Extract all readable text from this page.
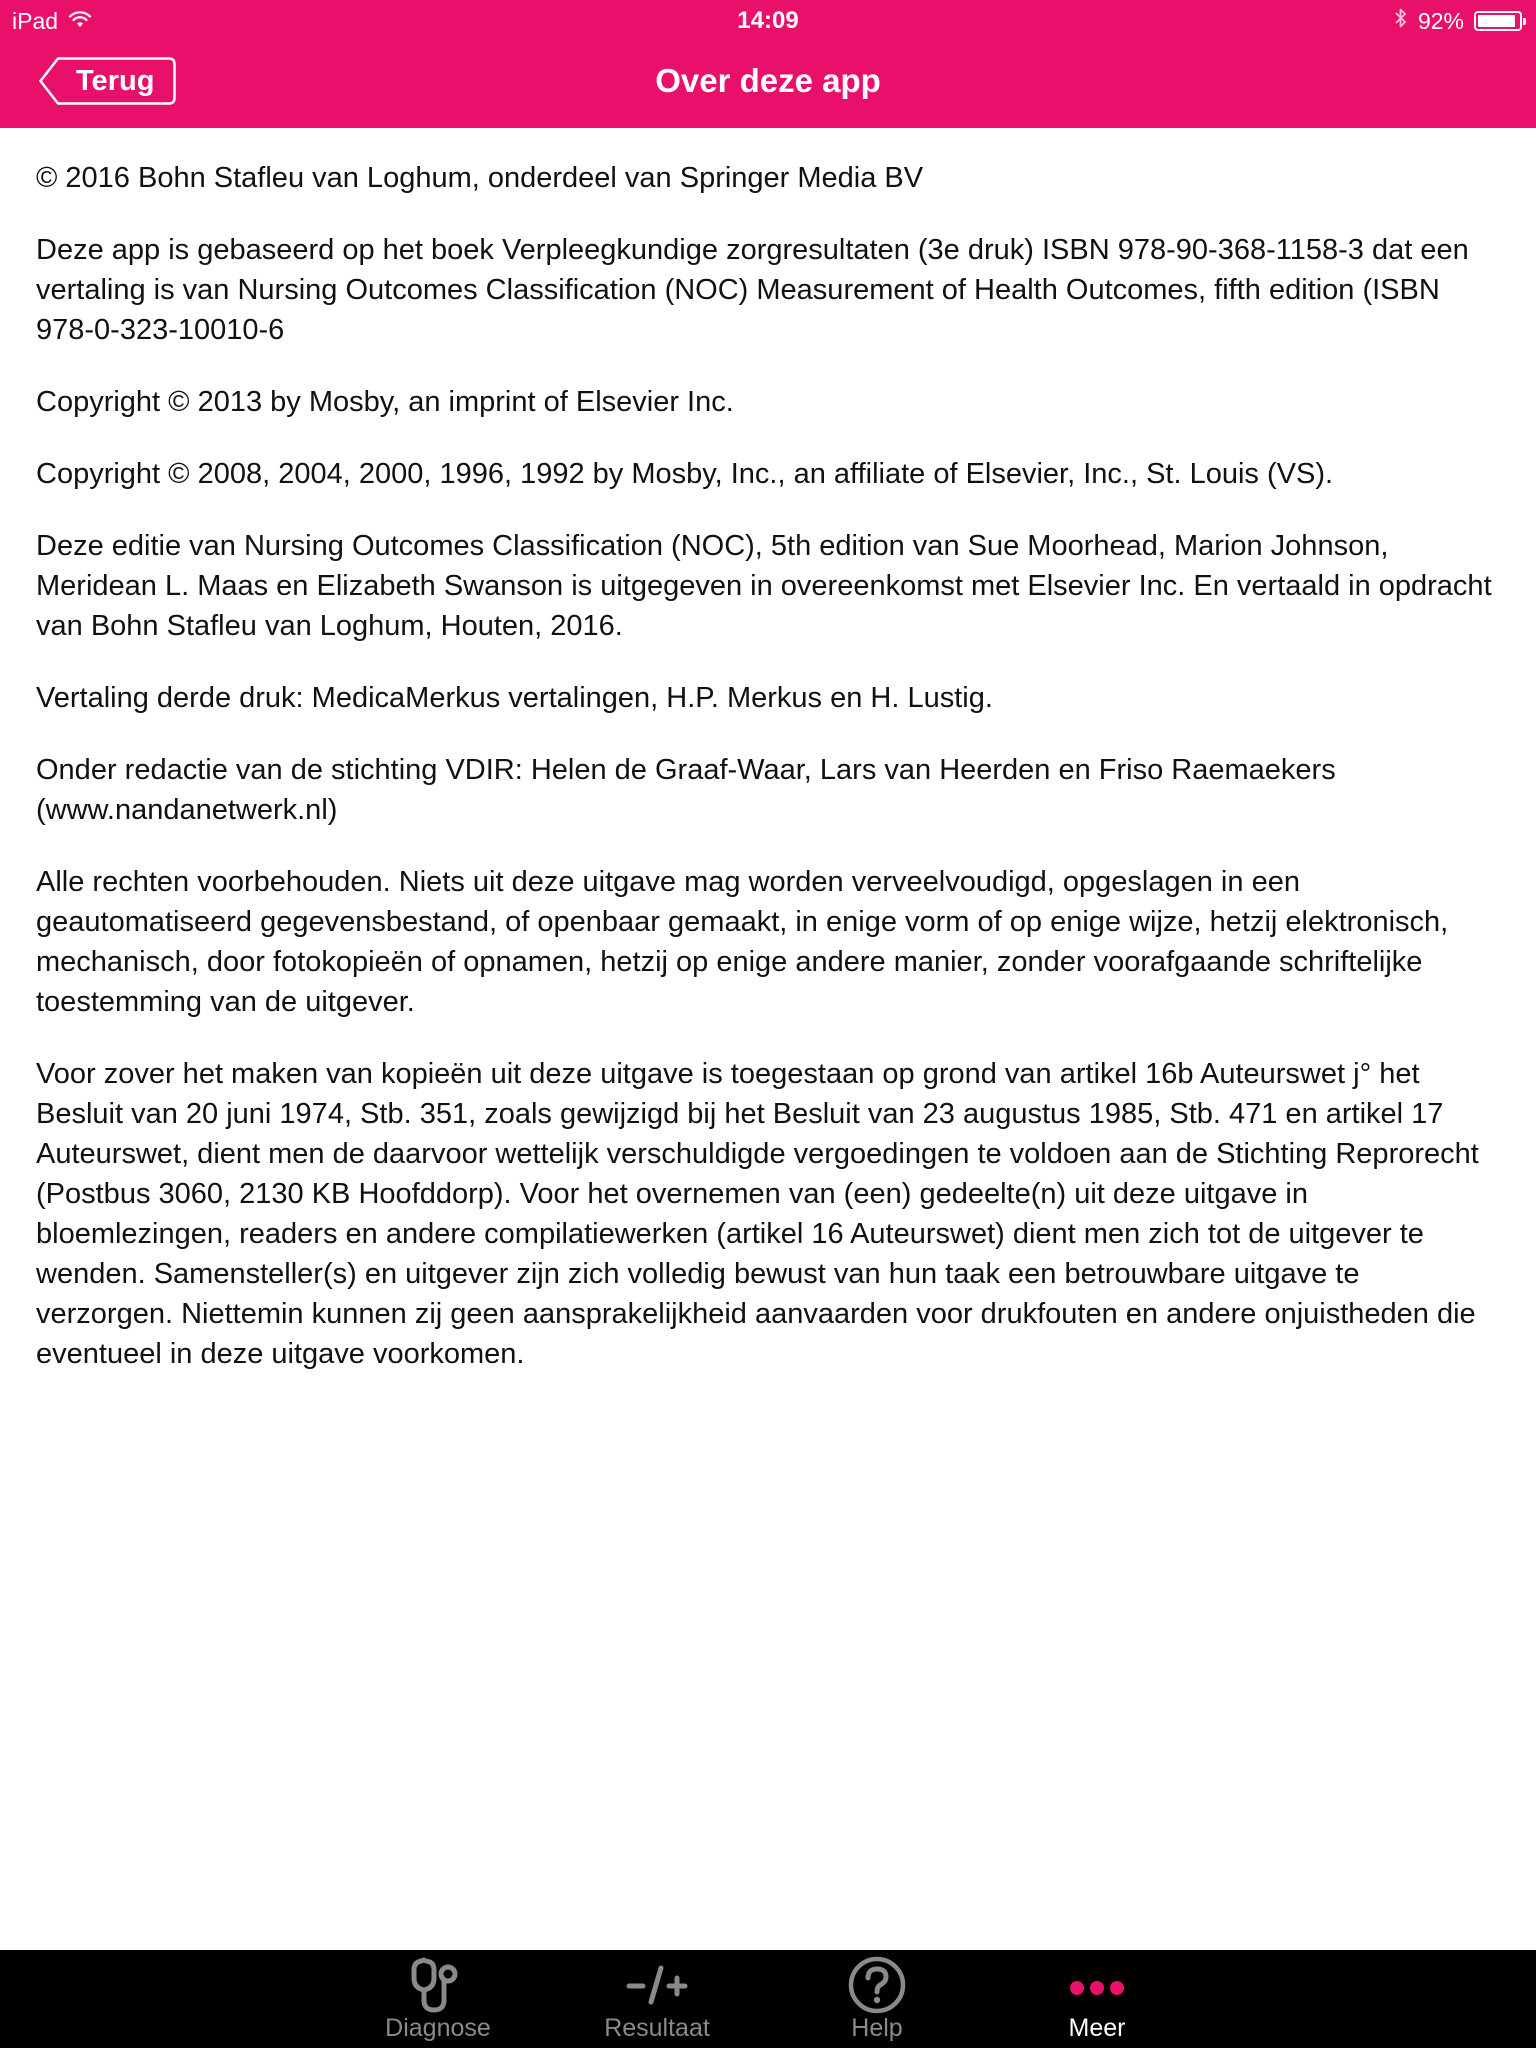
iPad	14:09	92%
Terug	Over deze app

© 2016 Bohn Stafleu van Loghum, onderdeel van Springer Media BV

Deze app is gebaseerd op het boek Verpleegkundige zorgresultaten (3e druk) ISBN 978-90-368-1158-3 dat een vertaling is van Nursing Outcomes Classification (NOC) Measurement of Health Outcomes, fifth edition (ISBN 978-0-323-10010-6

Copyright © 2013 by Mosby, an imprint of Elsevier Inc.

Copyright © 2008, 2004, 2000, 1996, 1992 by Mosby, Inc., an affiliate of Elsevier, Inc., St. Louis (VS).

Deze editie van Nursing Outcomes Classification (NOC), 5th edition van Sue Moorhead, Marion Johnson, Meridean L. Maas en Elizabeth Swanson is uitgegeven in overeenkomst met Elsevier Inc. En vertaald in opdracht van Bohn Stafleu van Loghum, Houten, 2016.

Vertaling derde druk: MedicaMerkus vertalingen, H.P. Merkus en H. Lustig.

Onder redactie van de stichting VDIR: Helen de Graaf-Waar, Lars van Heerden en Friso Raemaekers (www.nandanetwerk.nl)

Alle rechten voorbehouden. Niets uit deze uitgave mag worden verveelvoudigd, opgeslagen in een geautomatiseerd gegevensbestand, of openbaar gemaakt, in enige vorm of op enige wijze, hetzij elektronisch, mechanisch, door fotokopieën of opnamen, hetzij op enige andere manier, zonder voorafgaande schriftelijke toestemming van de uitgever.

Voor zover het maken van kopieën uit deze uitgave is toegestaan op grond van artikel 16b Auteurswet j° het Besluit van 20 juni 1974, Stb. 351, zoals gewijzigd bij het Besluit van 23 augustus 1985, Stb. 471 en artikel 17 Auteurswet, dient men de daarvoor wettelijk verschuldigde vergoedingen te voldoen aan de Stichting Reprorecht (Postbus 3060, 2130 KB Hoofddorp). Voor het overnemen van (een) gedeelte(n) uit deze uitgave in bloemlezingen, readers en andere compilatiewerken (artikel 16 Auteurswet) dient men zich tot de uitgever te wenden. Samensteller(s) en uitgever zijn zich volledig bewust van hun taak een betrouwbare uitgave te verzorgen. Niettemin kunnen zij geen aansprakelijkheid aanvaarden voor drukfouten en andere onjuistheden die eventueel in deze uitgave voorkomen.

Diagnose	Resultaat	Help	Meer
